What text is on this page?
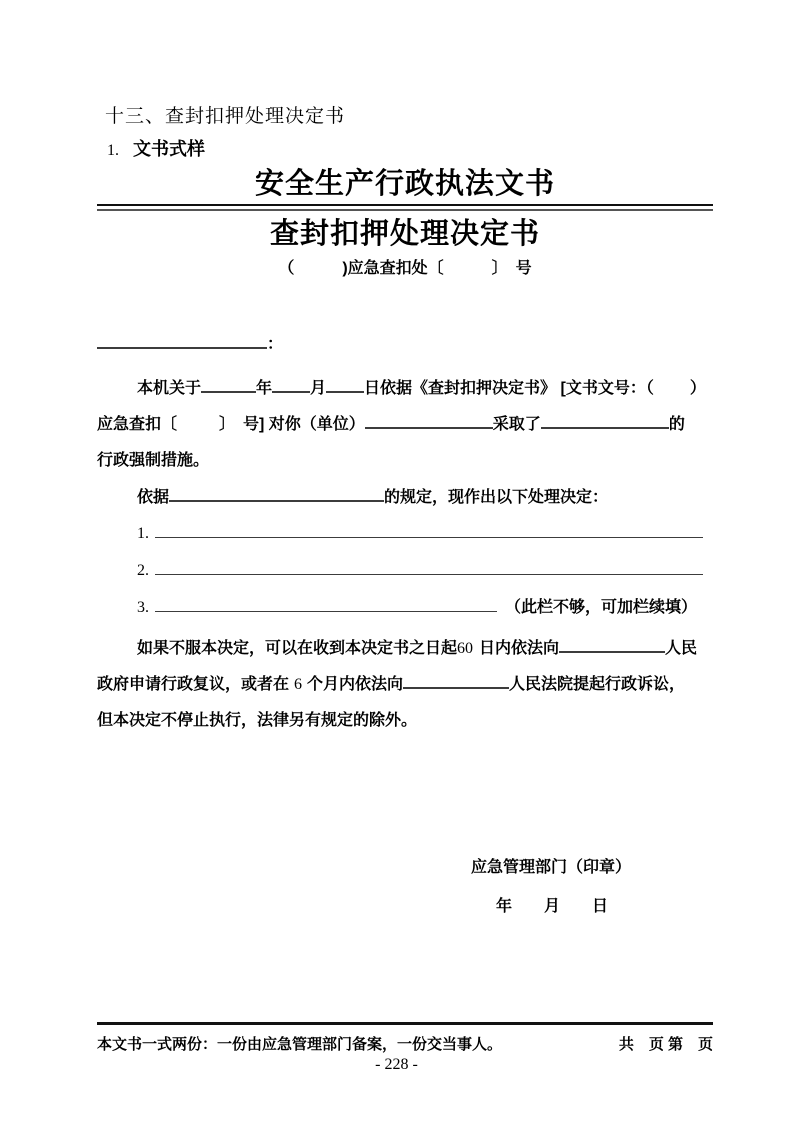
十三、查封扣押处理决定书
1. 文书式样
安全生产行政执法文书
查封扣押处理决定书
（　　　)应急查扣处〔　　　〕　号
：
本机关于	年 月 日依据《查封扣押决定书》 [文书文号：（ ）
应急查扣〔	〕　号] 对你（单位）	采取了	的
行政强制措施。
依据	的规定，现作出以下处理决定：
1.
2.
3.	（此栏不够，可加栏续填）
如果不服本决定，可以在收到本决定书之日起60 日内依法向	人民
政府申请行政复议，或者在 6 个月内依法向	人民法院提起行政诉讼，
但本决定不停止执行，法律另有规定的除外。
应急管理部门（印章）
年　　月　　日
本文书一式两份：一份由应急管理部门备案，一份交当事人。	共　页 第　页
- 228 -
